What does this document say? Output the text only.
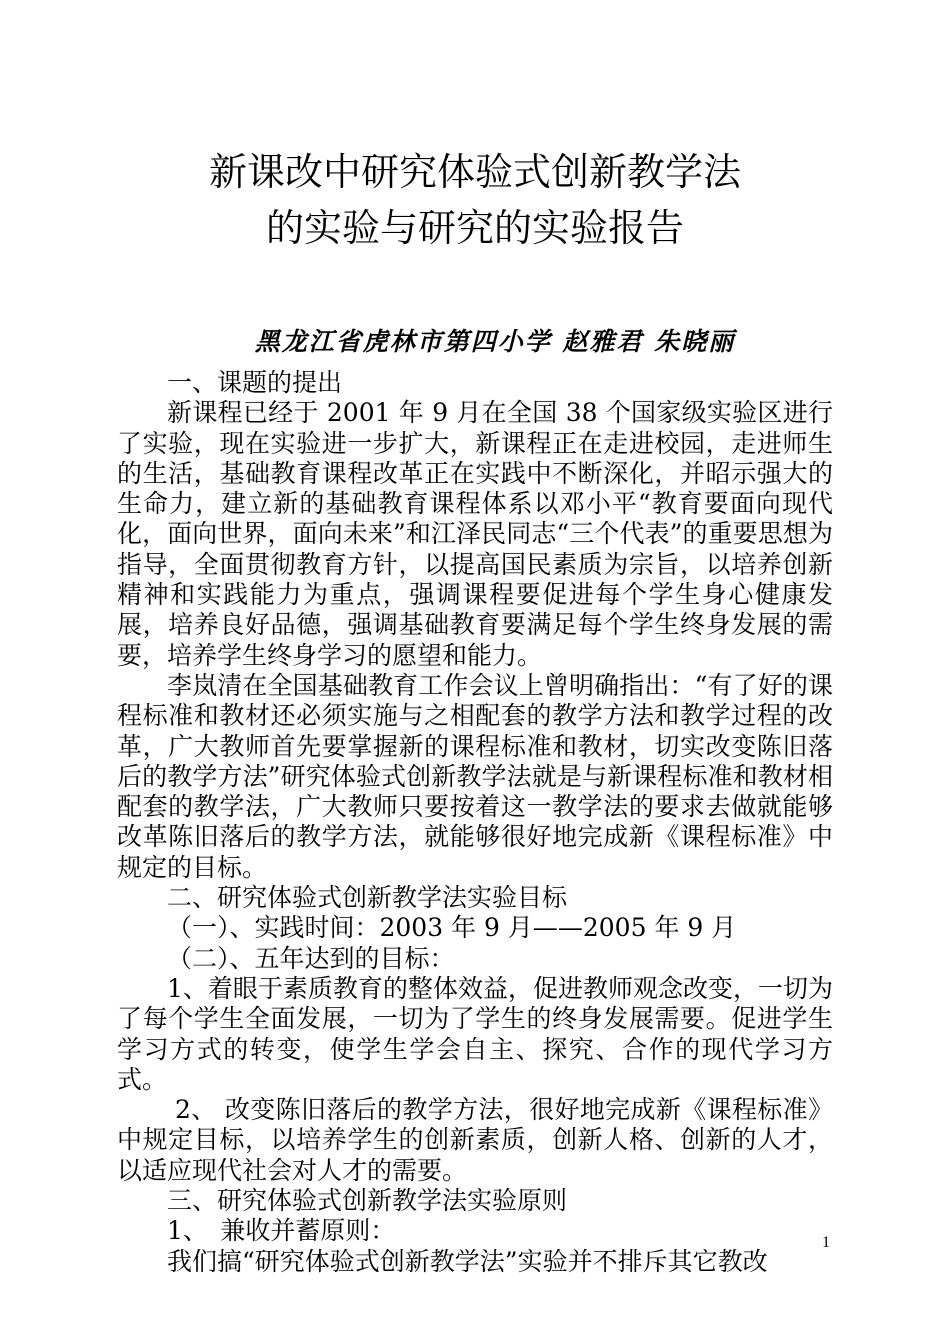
新课改中研究体验式创新教学法
的实验与研究的实验报告
黑龙江省虎林市第四小学 赵雅君 朱晓丽

一、课题的提出

新课程已经于 2001 年 9 月在全国 38 个国家级实验区进行了实验，现在实验进一步扩大，新课程正在走进校园，走进师生的生活，基础教育课程改革正在实践中不断深化，并昭示强大的生命力，建立新的基础教育课程体系以邓小平“教育要面向现代化，面向世界，面向未来”和江泽民同志“三个代表”的重要思想为指导，全面贯彻教育方针，以提高国民素质为宗旨，以培养创新精神和实践能力为重点，强调课程要促进每个学生身心健康发展，培养良好品德，强调基础教育要满足每个学生终身发展的需要，培养学生终身学习的愿望和能力。

李岚清在全国基础教育工作会议上曾明确指出：“有了好的课程标准和教材还必须实施与之相配套的教学方法和教学过程的改革，广大教师首先要掌握新的课程标准和教材，切实改变陈旧落后的教学方法”研究体验式创新教学法就是与新课程标准和教材相配套的教学法，广大教师只要按着这一教学法的要求去做就能够改革陈旧落后的教学方法，就能够很好地完成新《课程标准》中规定的目标。

二、研究体验式创新教学法实验目标

（一）、实践时间：2003 年 9 月——2005 年 9 月

（二）、五年达到的目标：

1、着眼于素质教育的整体效益，促进教师观念改变，一切为了每个学生全面发展，一切为了学生的终身发展需要。促进学生学习方式的转变，使学生学会自主、探究、合作的现代学习方式。

2、 改变陈旧落后的教学方法，很好地完成新《课程标准》中规定目标，以培养学生的创新素质，创新人格、创新的人才，以适应现代社会对人才的需要。

三、研究体验式创新教学法实验原则

1、　兼收并蓄原则：

我们搞“研究体验式创新教学法”实验并不排斥其它教改

1
